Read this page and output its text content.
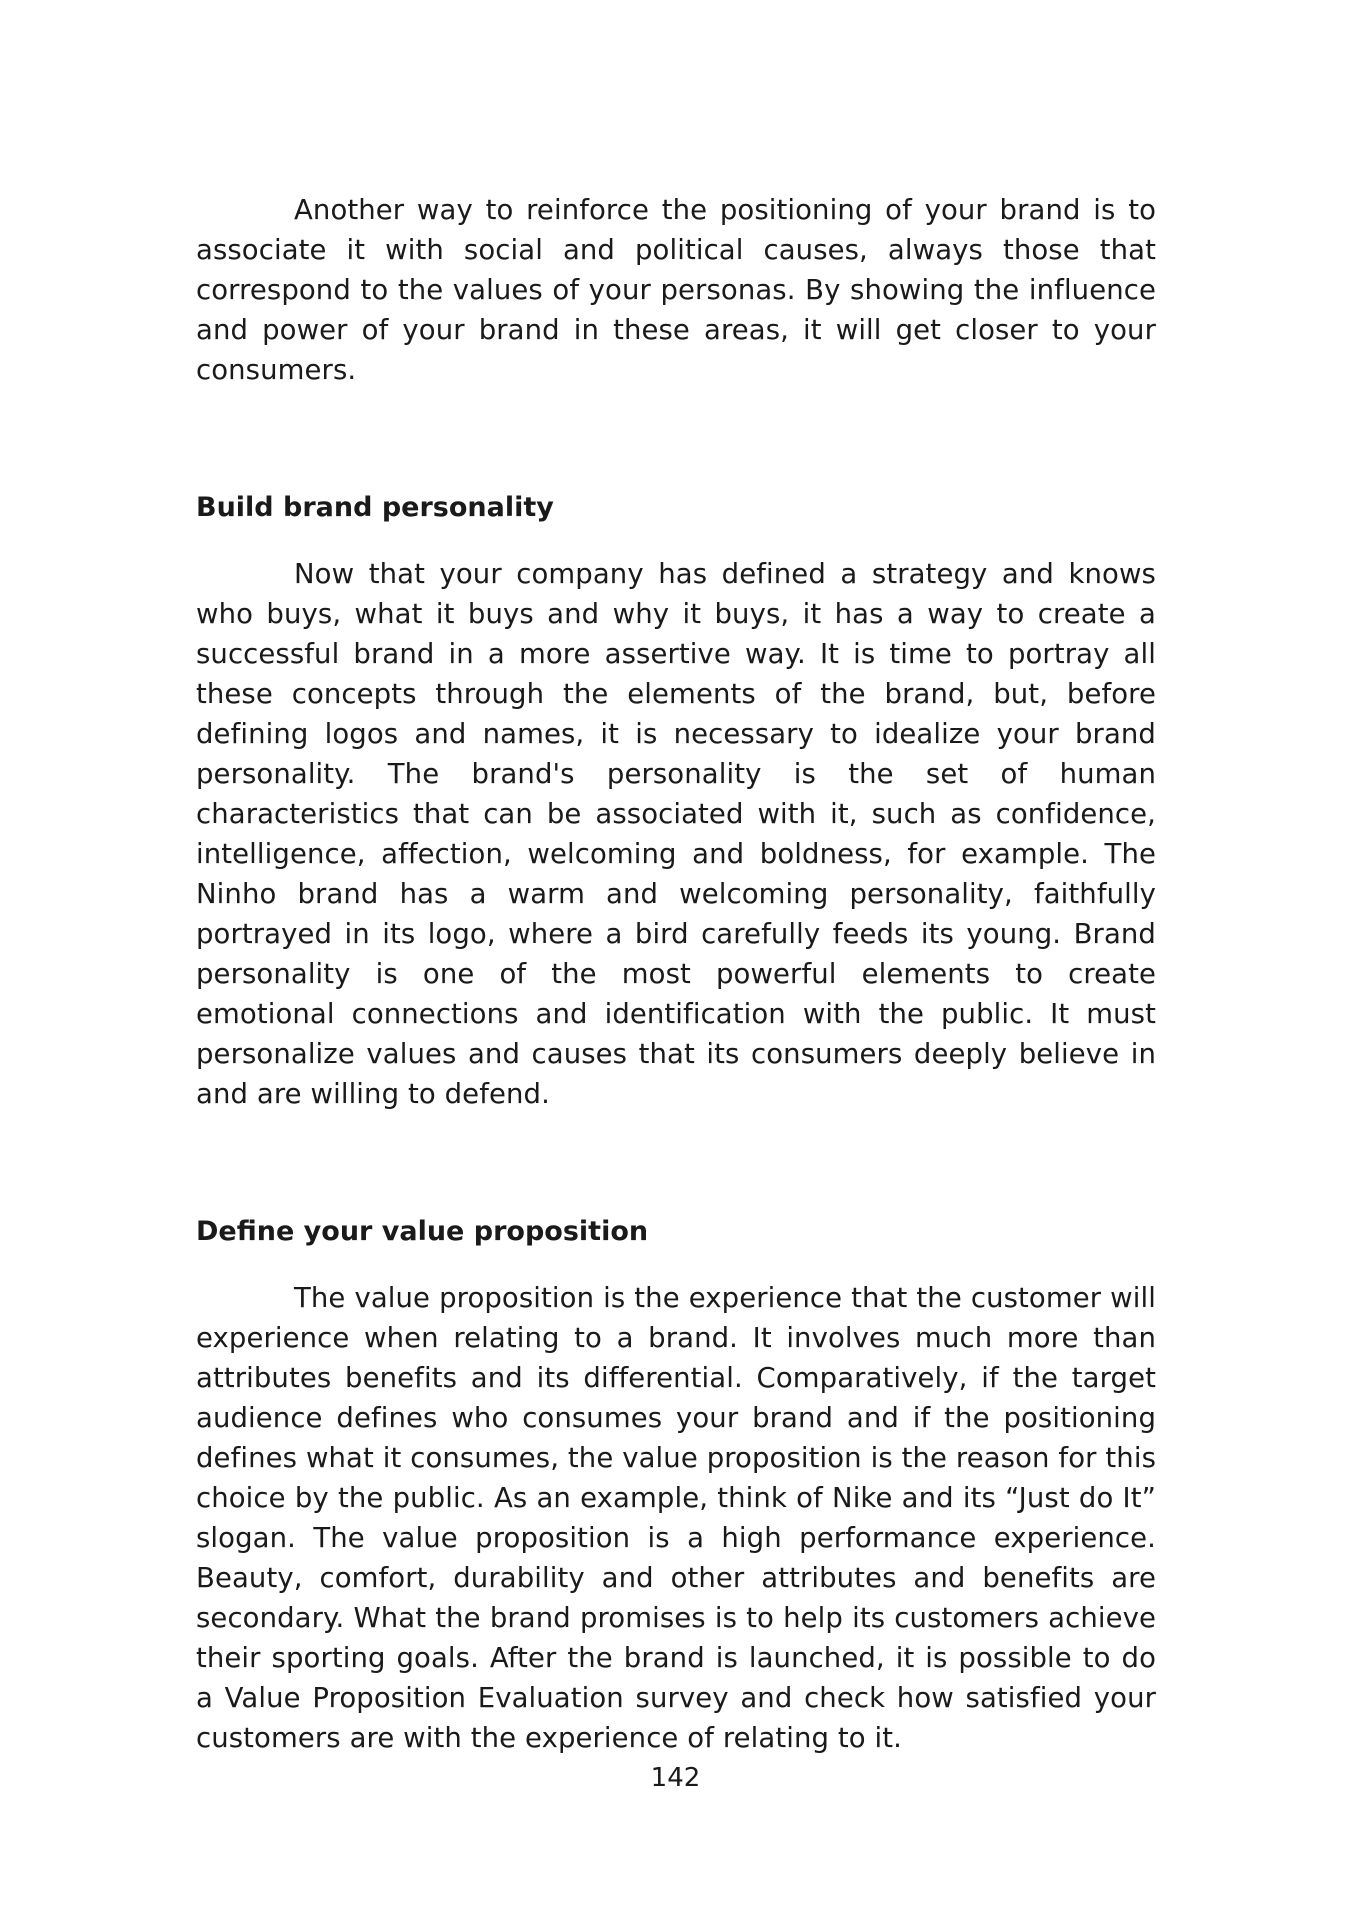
Another way to reinforce the positioning of your brand is to associate it with social and political causes, always those that correspond to the values of your personas. By showing the influence and power of your brand in these areas, it will get closer to your consumers.

Build brand personality

Now that your company has defined a strategy and knows who buys, what it buys and why it buys, it has a way to create a successful brand in a more assertive way. It is time to portray all these concepts through the elements of the brand, but, before defining logos and names, it is necessary to idealize your brand personality. The brand's personality is the set of human characteristics that can be associated with it, such as confidence, intelligence, affection, welcoming and boldness, for example. The Ninho brand has a warm and welcoming personality, faithfully portrayed in its logo, where a bird carefully feeds its young. Brand personality is one of the most powerful elements to create emotional connections and identification with the public. It must personalize values and causes that its consumers deeply believe in and are willing to defend.

Define your value proposition

The value proposition is the experience that the customer will experience when relating to a brand. It involves much more than attributes benefits and its differential. Comparatively, if the target audience defines who consumes your brand and if the positioning defines what it consumes, the value proposition is the reason for this choice by the public. As an example, think of Nike and its “Just do It” slogan. The value proposition is a high performance experience. Beauty, comfort, durability and other attributes and benefits are secondary. What the brand promises is to help its customers achieve their sporting goals. After the brand is launched, it is possible to do a Value Proposition Evaluation survey and check how satisfied your customers are with the experience of relating to it.

142
